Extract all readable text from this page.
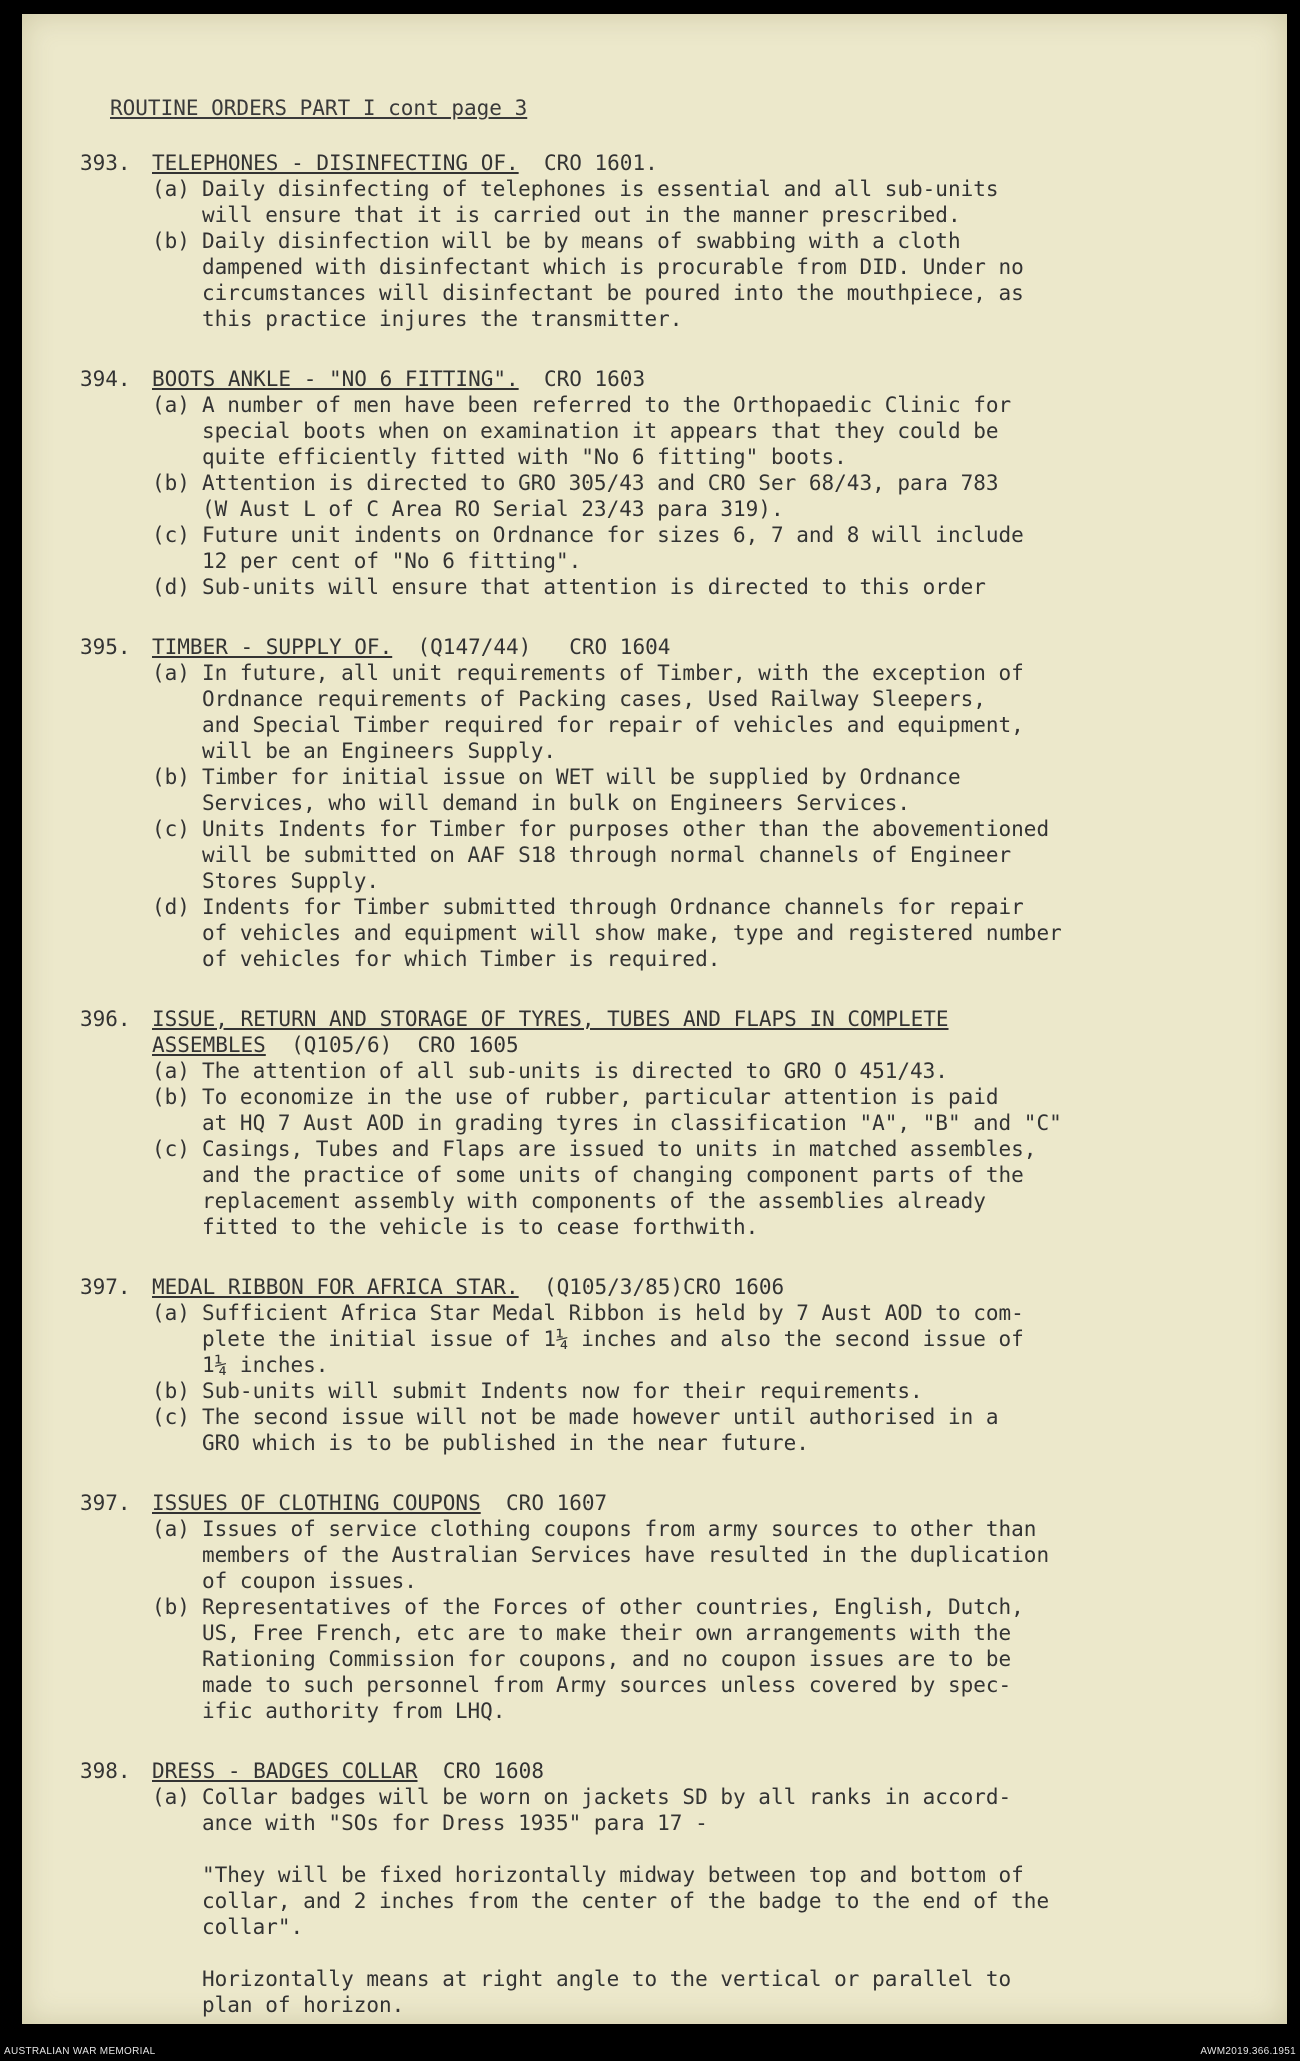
ROUTINE ORDERS PART I cont page 3
393.	TELEPHONES - DISINFECTING OF. CRO 1601.
(a) Daily disinfecting of telephones is essential and all sub-units
will ensure that it is carried out in the manner prescribed.
(b) Daily disinfection will be by means of swabbing with a cloth
dampened with disinfectant which is procurable from DID. Under no
circumstances will disinfectant be poured into the mouthpiece, as
this practice injures the transmitter.
394.	BOOTS ANKLE - "NO 6 FITTING". CRO 1603
(a) A number of men have been referred to the Orthopaedic Clinic for
special boots when on examination it appears that they could be
quite efficiently fitted with "No 6 fitting" boots.
(b) Attention is directed to GRO 305/43 and CRO Ser 68/43, para 783
(W Aust L of C Area RO Serial 23/43 para 319).
(c) Future unit indents on Ordnance for sizes 6, 7 and 8 will include
12 per cent of "No 6 fitting".
(d) Sub-units will ensure that attention is directed to this order
395.	TIMBER - SUPPLY OF. (Q147/44)   CRO 1604
(a) In future, all unit requirements of Timber, with the exception of
Ordnance requirements of Packing cases, Used Railway Sleepers,
and Special Timber required for repair of vehicles and equipment,
will be an Engineers Supply.
(b) Timber for initial issue on WET will be supplied by Ordnance
Services, who will demand in bulk on Engineers Services.
(c) Units Indents for Timber for purposes other than the abovementioned
will be submitted on AAF S18 through normal channels of Engineer
Stores Supply.
(d) Indents for Timber submitted through Ordnance channels for repair
of vehicles and equipment will show make, type and registered number
of vehicles for which Timber is required.
396.	ISSUE, RETURN AND STORAGE OF TYRES, TUBES AND FLAPS IN COMPLETE
ASSEMBLES (Q105/6)  CRO 1605
(a) The attention of all sub-units is directed to GRO O 451/43.
(b) To economize in the use of rubber, particular attention is paid
at HQ 7 Aust AOD in grading tyres in classification "A", "B" and "C"
(c) Casings, Tubes and Flaps are issued to units in matched assembles,
and the practice of some units of changing component parts of the
replacement assembly with components of the assemblies already
fitted to the vehicle is to cease forthwith.
397.	MEDAL RIBBON FOR AFRICA STAR. (Q105/3/85)CRO 1606
(a) Sufficient Africa Star Medal Ribbon is held by 7 Aust AOD to com-
plete the initial issue of 1¼ inches and also the second issue of
1¼ inches.
(b) Sub-units will submit Indents now for their requirements.
(c) The second issue will not be made however until authorised in a
GRO which is to be published in the near future.
397.	ISSUES OF CLOTHING COUPONS CRO 1607
(a) Issues of service clothing coupons from army sources to other than
members of the Australian Services have resulted in the duplication
of coupon issues.
(b) Representatives of the Forces of other countries, English, Dutch,
US, Free French, etc are to make their own arrangements with the
Rationing Commission for coupons, and no coupon issues are to be
made to such personnel from Army sources unless covered by spec-
ific authority from LHQ.
398.	DRESS - BADGES COLLAR CRO 1608
(a) Collar badges will be worn on jackets SD by all ranks in accord-
ance with "SOs for Dress 1935" para 17 -
"They will be fixed horizontally midway between top and bottom of
collar, and 2 inches from the center of the badge to the end of the
collar".
Horizontally means at right angle to the vertical or parallel to
plan of horizon.
AUSTRALIAN WAR MEMORIAL	AWM2019.366.1951
